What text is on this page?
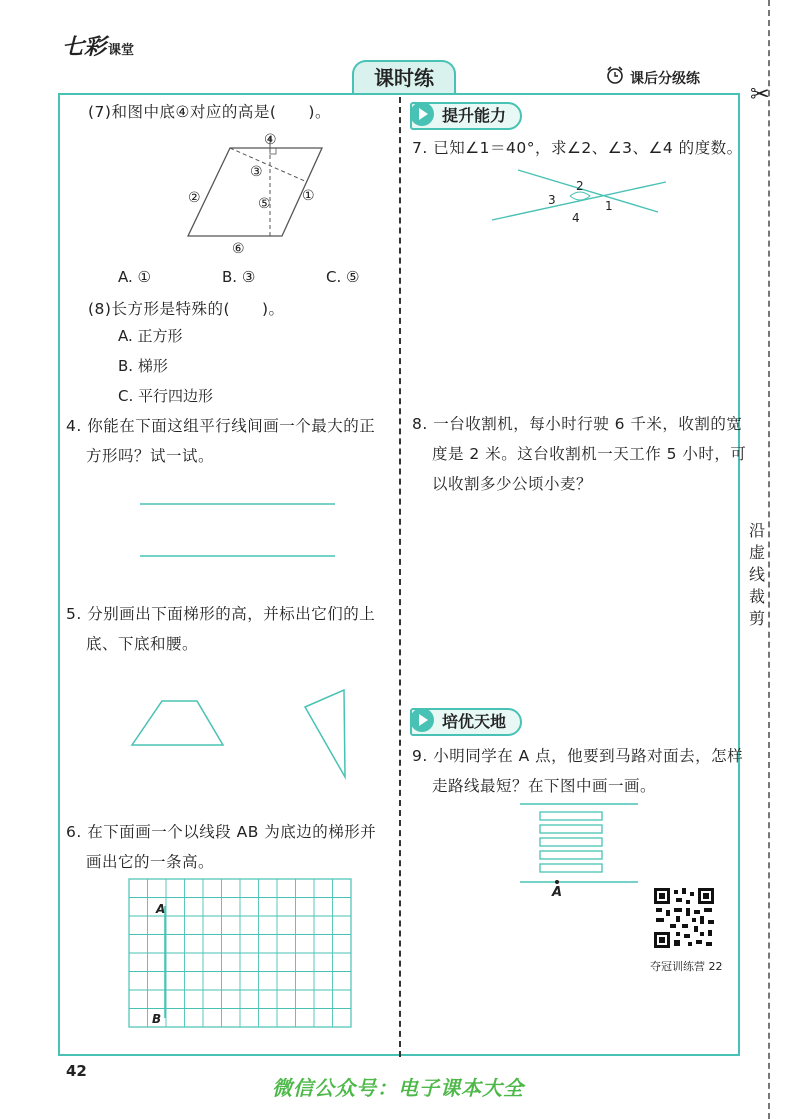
七彩 课堂
课时练	课后分级练
✂
沿
虚
线
裁
剪
(7)和图中底④对应的高是(　　)。
④
③
②	⑤ ①
⑥
A. ①	B. ③	C. ⑤
(8)长方形是特殊的(　　)。
A. 正方形
B. 梯形
C. 平行四边形
4. 你能在下面这组平行线间画一个最大的正
方形吗？试一试。
5. 分别画出下面梯形的高，并标出它们的上
底、下底和腰。
6. 在下面画一个以线段 AB 为底边的梯形并
画出它的一条高。
A
B
提升能力
7. 已知∠1＝40°，求∠2、∠3、∠4 的度数。
2
3
4
1
8. 一台收割机，每小时行驶 6 千米，收割的宽
度是 2 米。这台收割机一天工作 5 小时，可
以收割多少公顷小麦？
培优天地
9. 小明同学在 A 点，他要到马路对面去，怎样
走路线最短？在下图中画一画。
A
夺冠训练营 22
42
微信公众号：电子课本大全
